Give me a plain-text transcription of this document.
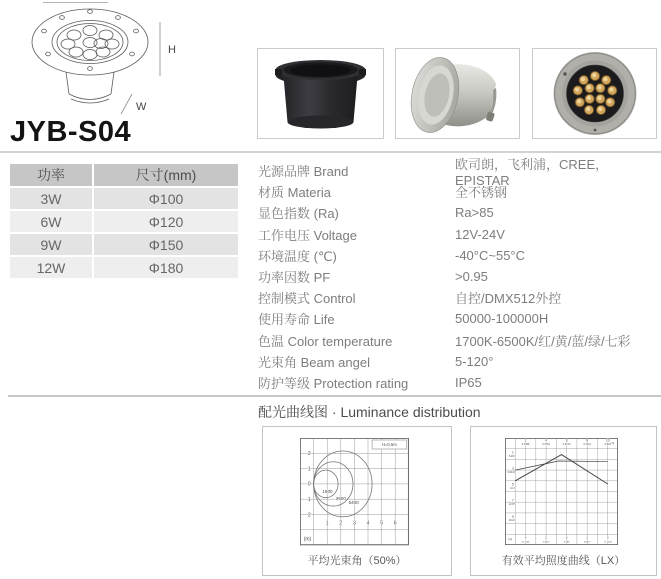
H
W
JYB-S04
功率	尺寸(mm)
3W	Φ100
6W	Φ120
9W	Φ150
12W	Φ180
光源品牌 Brand	欧司朗，飞利浦，CREE，EPISTAR
材质 Materia	全不锈钢
显色指数 (Ra)	Ra>85
工作电压 Voltage	12V-24V
环境温度 (℃)	-40°C~55°C
功率因数 PF	>0.95
控制模式 Control	自控/DMX512外控
使用寿命 Life	50000-100000H
色温 Color temperature	1700K-6500K/红/黄/蓝/绿/七彩
光束角 Beam angel	5-120°
防护等级 Protection rating	IP65
配光曲线图 · Luminance distribution
2
1
0
1
2
1 2 3 4 5 6
(m)
1800
3600
5400
H=0.5m
平均光束角（50%）
2
0.2358
4
0.4716
6
0.9174
8
0.7411
10
0.924 %
1
5.281
3
9.6443
5
16.4
7
22.87
9
29.18
(m)	4
11.1234
2
0.5617
0
0.088
2
0.5617
4
11.1234
有效平均照度曲线（LX）
